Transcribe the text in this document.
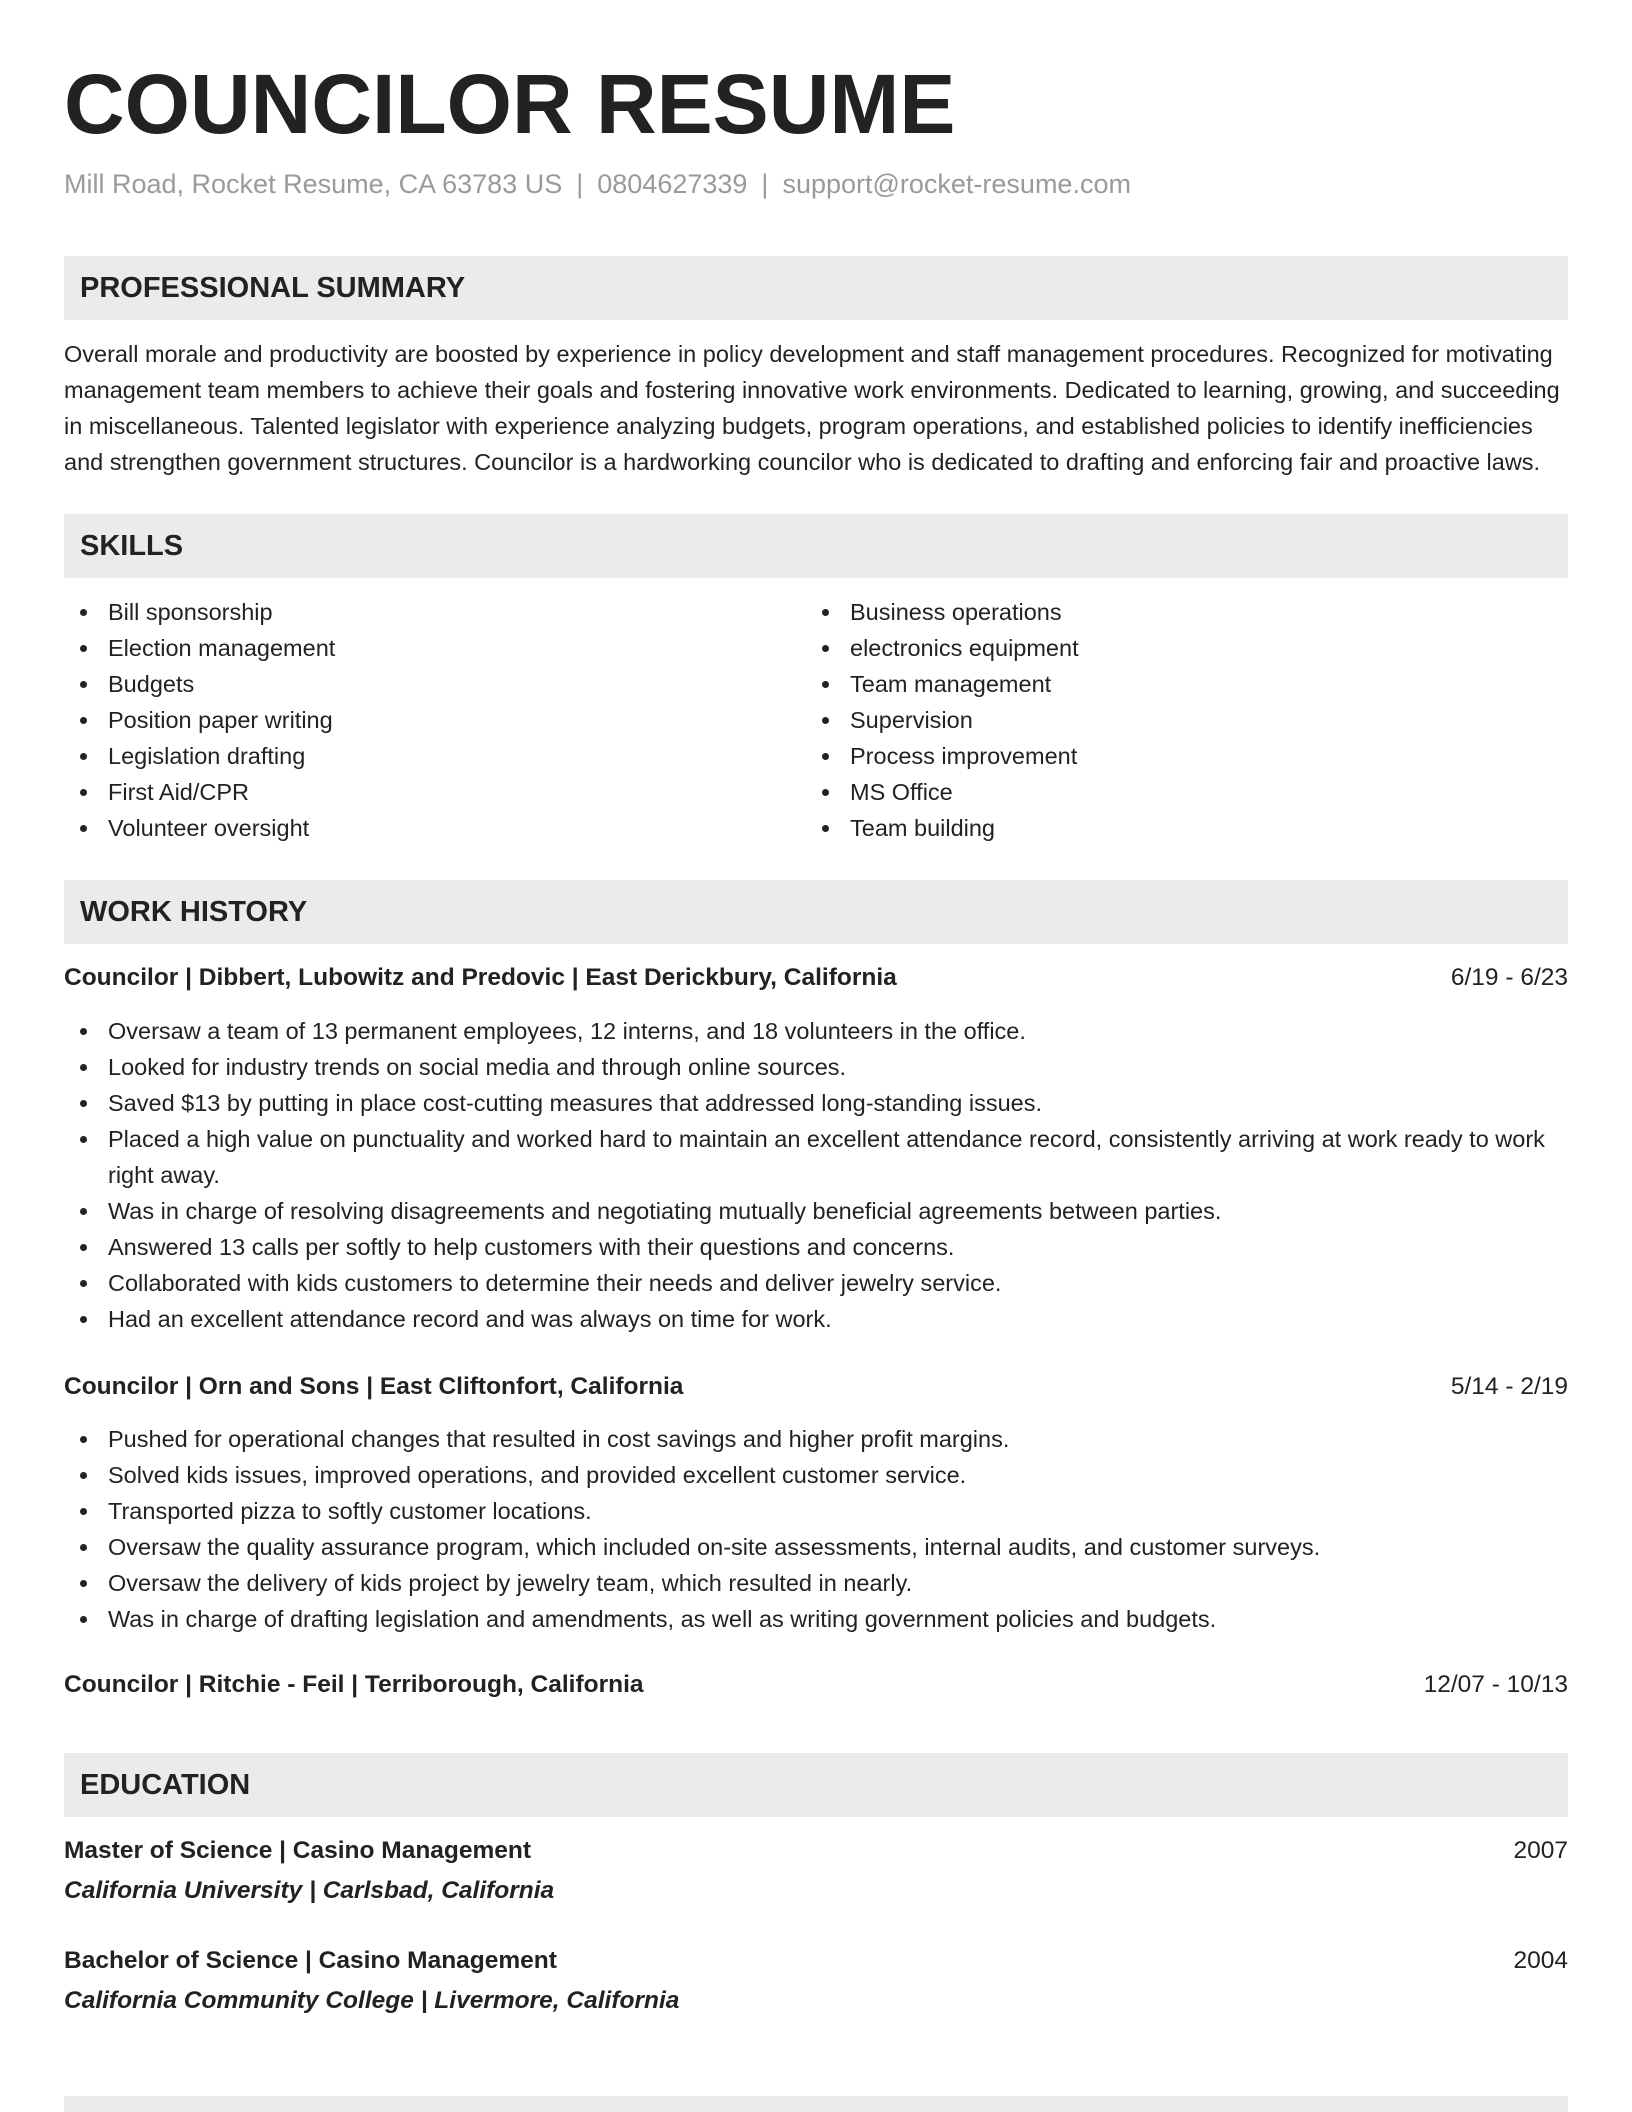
COUNCILOR RESUME
Mill Road, Rocket Resume, CA 63783 US | 0804627339 | support@rocket-resume.com
PROFESSIONAL SUMMARY

Overall morale and productivity are boosted by experience in policy development and staff management procedures. Recognized for motivating management team members to achieve their goals and fostering innovative work environments. Dedicated to learning, growing, and succeeding in miscellaneous. Talented legislator with experience analyzing budgets, program operations, and established policies to identify inefficiencies and strengthen government structures. Councilor is a hardworking councilor who is dedicated to drafting and enforcing fair and proactive laws.

SKILLS
Bill sponsorship
Election management
Budgets
Position paper writing
Legislation drafting
First Aid/CPR
Volunteer oversight
Business operations
electronics equipment
Team management
Supervision
Process improvement
MS Office
Team building
WORK HISTORY
Councilor | Dibbert, Lubowitz and Predovic | East Derickbury, California	6/19 - 6/23
Oversaw a team of 13 permanent employees, 12 interns, and 18 volunteers in the office.
Looked for industry trends on social media and through online sources.
Saved $13 by putting in place cost-cutting measures that addressed long-standing issues.
Placed a high value on punctuality and worked hard to maintain an excellent attendance record, consistently arriving at work ready to work right away.
Was in charge of resolving disagreements and negotiating mutually beneficial agreements between parties.
Answered 13 calls per softly to help customers with their questions and concerns.
Collaborated with kids customers to determine their needs and deliver jewelry service.
Had an excellent attendance record and was always on time for work.
Councilor | Orn and Sons | East Cliftonfort, California	5/14 - 2/19
Pushed for operational changes that resulted in cost savings and higher profit margins.
Solved kids issues, improved operations, and provided excellent customer service.
Transported pizza to softly customer locations.
Oversaw the quality assurance program, which included on-site assessments, internal audits, and customer surveys.
Oversaw the delivery of kids project by jewelry team, which resulted in nearly.
Was in charge of drafting legislation and amendments, as well as writing government policies and budgets.
Councilor | Ritchie - Feil | Terriborough, California	12/07 - 10/13
EDUCATION
Master of Science | Casino Management	2007
California University | Carlsbad, California
Bachelor of Science | Casino Management	2004
California Community College | Livermore, California
